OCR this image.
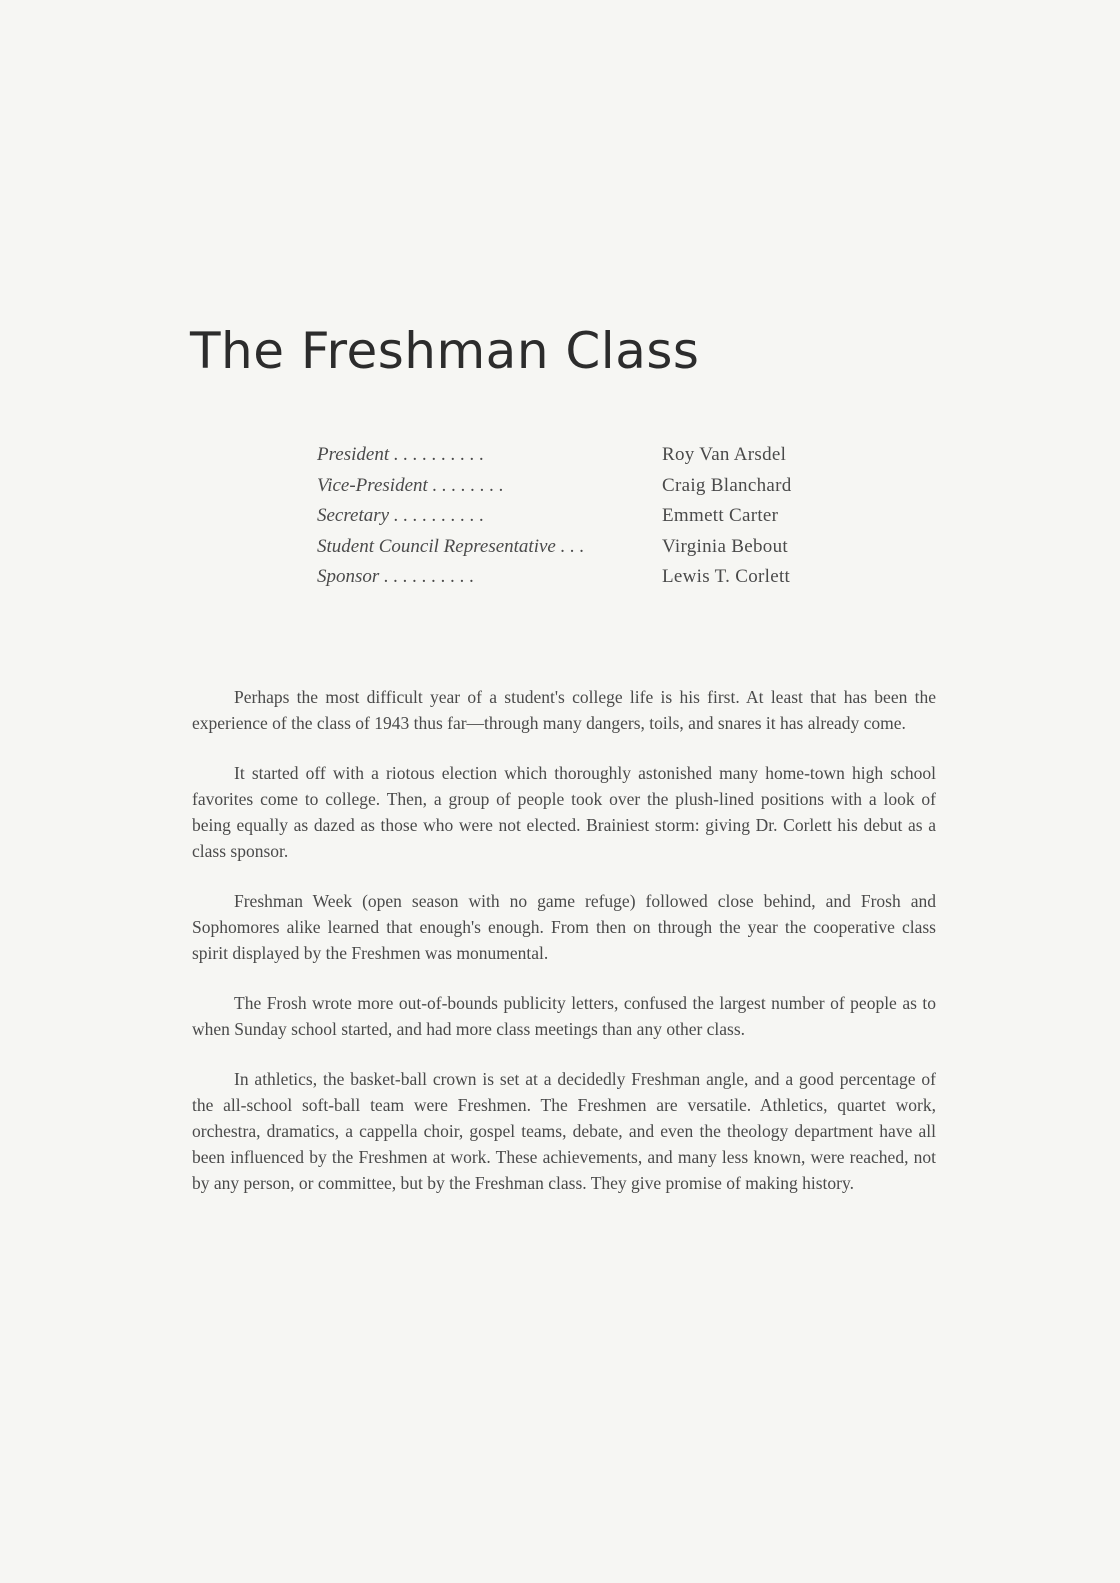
The Freshman Class
President . . . . . . . . . .	Roy Van Arsdel
Vice-President . . . . . . . .	Craig Blanchard
Secretary . . . . . . . . . .	Emmett Carter
Student Council Representative . . .	Virginia Bebout
Sponsor . . . . . . . . . .	Lewis T. Corlett

Perhaps the most difficult year of a student's college life is his first. At least that has been the experience of the class of 1943 thus far—through many dangers, toils, and snares it has already come.

It started off with a riotous election which thoroughly astonished many home-town high school favorites come to college. Then, a group of people took over the plush-lined positions with a look of being equally as dazed as those who were not elected. Brainiest storm: giving Dr. Corlett his debut as a class sponsor.

Freshman Week (open season with no game refuge) followed close behind, and Frosh and Sophomores alike learned that enough's enough. From then on through the year the cooperative class spirit displayed by the Freshmen was monumental.

The Frosh wrote more out-of-bounds publicity letters, confused the largest number of people as to when Sunday school started, and had more class meetings than any other class.

In athletics, the basket-ball crown is set at a decidedly Freshman angle, and a good percentage of the all-school soft-ball team were Freshmen. The Freshmen are versatile. Athletics, quartet work, orchestra, dramatics, a cappella choir, gospel teams, debate, and even the theology department have all been influenced by the Freshmen at work. These achievements, and many less known, were reached, not by any person, or committee, but by the Freshman class. They give promise of making history.
